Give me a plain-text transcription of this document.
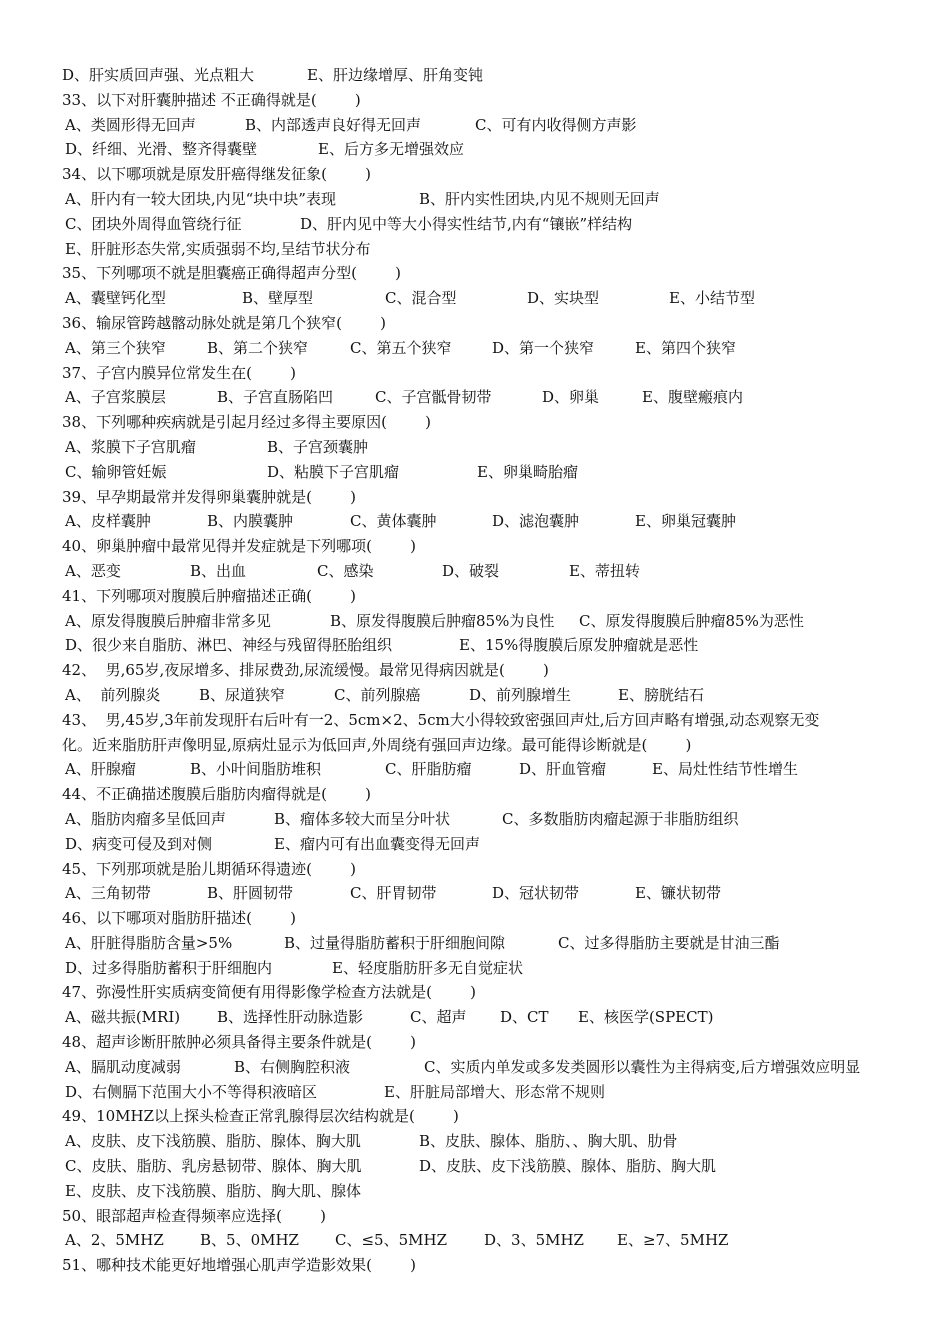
D、肝实质回声强、光点粗大	E、肝边缘增厚、肝角变钝
33、以下对肝囊肿描述 不正确得就是(        )
A、类圆形得无回声	B、内部透声良好得无回声	C、可有内收得侧方声影
D、纤细、光滑、整齐得囊壁	E、后方多无增强效应
34、以下哪项就是原发肝癌得继发征象(        )
A、肝内有一较大团块,内见“块中块”表现	B、肝内实性团块,内见不规则无回声
C、团块外周得血管绕行征	D、肝内见中等大小得实性结节,内有“镶嵌”样结构
E、肝脏形态失常,实质强弱不均,呈结节状分布
35、下列哪项不就是胆囊癌正确得超声分型(        )
A、囊壁钙化型	B、壁厚型	C、混合型	D、实块型	E、小结节型
36、输尿管跨越髂动脉处就是第几个狭窄(        )
A、第三个狭窄	B、第二个狭窄	C、第五个狭窄	D、第一个狭窄	E、第四个狭窄
37、子宫内膜异位常发生在(        )
A、子宫浆膜层	B、子宫直肠陷凹	C、子宫骶骨韧带	D、卵巢	E、腹壁瘢痕内
38、下列哪种疾病就是引起月经过多得主要原因(        )
A、浆膜下子宫肌瘤	B、子宫颈囊肿
C、输卵管妊娠	D、粘膜下子宫肌瘤	E、卵巢畸胎瘤
39、早孕期最常并发得卵巢囊肿就是(        )
A、皮样囊肿	B、内膜囊肿	C、黄体囊肿	D、滤泡囊肿	E、卵巢冠囊肿
40、卵巢肿瘤中最常见得并发症就是下列哪项(        )
A、恶变	B、出血	C、感染	D、破裂	E、蒂扭转
41、下列哪项对腹膜后肿瘤描述正确(        )
A、原发得腹膜后肿瘤非常多见	B、原发得腹膜后肿瘤85%为良性 C、原发得腹膜后肿瘤85%为恶性
D、很少来自脂肪、淋巴、神经与残留得胚胎组织	E、15%得腹膜后原发肿瘤就是恶性
42、  男,65岁,夜尿增多、排尿费劲,尿流缓慢。最常见得病因就是(        )
A、  前列腺炎	B、尿道狭窄	C、前列腺癌	D、前列腺增生	E、膀胱结石
43、  男,45岁,3年前发现肝右后叶有一2、5cm×2、5cm大小得较致密强回声灶,后方回声略有增强,动态观察无变
化。近来脂肪肝声像明显,原病灶显示为低回声,外周绕有强回声边缘。最可能得诊断就是(        )
A、肝腺瘤	B、小叶间脂肪堆积	C、肝脂肪瘤	D、肝血管瘤	E、局灶性结节性增生
44、不正确描述腹膜后脂肪肉瘤得就是(        )
A、脂肪肉瘤多呈低回声	B、瘤体多较大而呈分叶状	C、多数脂肪肉瘤起源于非脂肪组织
D、病变可侵及到对侧	E、瘤内可有出血囊变得无回声
45、下列那项就是胎儿期循环得遗迹(        )
A、三角韧带	B、肝圆韧带	C、肝胃韧带	D、冠状韧带	E、镰状韧带
46、以下哪项对脂肪肝描述(        )
A、肝脏得脂肪含量>5%	B、过量得脂肪蓄积于肝细胞间隙	C、过多得脂肪主要就是甘油三酯
D、过多得脂肪蓄积于肝细胞内	E、轻度脂肪肝多无自觉症状
47、弥漫性肝实质病变简便有用得影像学检查方法就是(        )
A、磁共振(MRI) B、选择性肝动脉造影	C、超声 D、CT E、核医学(SPECT)
48、超声诊断肝脓肿必须具备得主要条件就是(        )
A、膈肌动度减弱	B、右侧胸腔积液	C、实质内单发或多发类圆形以囊性为主得病变,后方增强效应明显
D、右侧膈下范围大小不等得积液暗区	E、肝脏局部增大、形态常不规则
49、10MHZ以上探头检查正常乳腺得层次结构就是(        )
A、皮肤、皮下浅筋膜、脂肪、腺体、胸大肌	B、皮肤、腺体、脂肪、、胸大肌、肋骨
C、皮肤、脂肪、乳房悬韧带、腺体、胸大肌	D、皮肤、皮下浅筋膜、腺体、脂肪、胸大肌
E、皮肤、皮下浅筋膜、脂肪、胸大肌、腺体
50、眼部超声检查得频率应选择(        )
A、2、5MHZ B、5、0MHZ C、≤5、5MHZ D、3、5MHZ E、≥7、5MHZ
51、哪种技术能更好地增强心肌声学造影效果(        )
